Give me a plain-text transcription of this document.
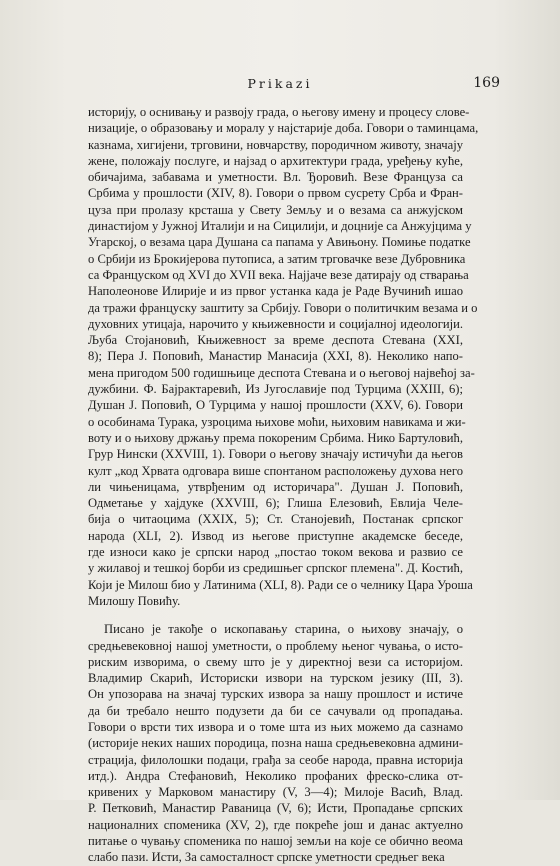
Prikazi	169
историју, о оснивању и развоју града, о његову имену и процесу слове-
низације, о образовању и моралу у најстарије доба. Говори о таминцама,
казнама, хигијени, трговини, новчарству, породичном животу, значају
жене, положају послуге, и најзад о архитектури града, уређењу куће,
обичајима, забавама и уметности. Вл. Ђоровић. Везе Француза са
Србима у прошлости (XIV, 8). Говори о првом сусрету Срба и Фран-
цуза при пролазу крсташа у Свету Земљу и о везама са анжујском
династијом у Јужној Италији и на Сицилији, и доцније са Анжујцима у
Угарској, о везама цара Душана са папама у Авињону. Помиње податке
о Србији из Брокијерова путописа, а затим трговачке везе Дубровника
са Француском од XVI до XVII века. Најјаче везе датирају од стварања
Наполеонове Илирије и из првог устанка када је Раде Вучинић ишао
да тражи француску заштиту за Србију. Говори о политичким везама и о
духовних утицаја, нарочито у књижевности и социјалној идеологији.
Љуба Стојановић, Књижевност за време деспота Стевана (XXI,
8); Пера Ј. Поповић, Манастир Манасија (XXI, 8). Неколико напо-
мена пригодом 500 годишњице деспота Стевана и о његовој највећој за-
дужбини. Ф. Бајрактаревић, Из Југославије под Турцима (XXIII, 6);
Душан Ј. Поповић, О Турцима у нашој прошлости (XXV, 6). Говори
о особинама Турака, узроцима њихове моћи, њиховим навикама и жи-
воту и о њихову држању према покореним Србима. Нико Бартуловић,
Грур Нински (XXVIII, 1). Говори о његову значају истичући да његов
култ „код Хрвата одговара више спонтаном расположењу духова него
ли чињеницама, утврђеним од историчара". Душан Ј. Поповић,
Одметање у хајдуке (XXVIII, 6); Глиша Елезовић, Евлија Челе-
бија о читаоцима (XXIX, 5); Ст. Станојевић, Постанак српског
народа (XLI, 2). Извод из његове приступне академске беседе,
где износи како је српски народ „постао током векова и развио се
у жилавој и тешкој борби из средишњег српског племена". Д. Костић,
Који је Милош био у Латинима (XLI, 8). Ради се о челнику Цара Уроша
Милошу Повићу.
Писано је такође о ископавању старина, о њихову значају, о
средњевековној нашој уметности, о проблему њеног чувања, о исто-
риским изворима, о свему што је у директној вези са историјом.
Владимир Скарић, Историски извори на турском језику (III, 3).
Он упозорава на значај турских извора за нашу прошлост и истиче
да би требало нешто подузети да би се сачували од пропадања.
Говори о врсти тих извора и о томе шта из њих можемо да сазнамо
(историје неких наших породица, позна наша средњевековна админи-
страција, филолошки подаци, грађа за сеобе народа, правна историја
итд.). Андра Стефановић, Неколико профаних фреско-слика от-
кривених у Марковом манастиру (V, 3—4); Милоје Васић, Влад.
Р. Петковић, Манастир Раваница (V, 6); Исти, Пропадање српских
националних споменика (XV, 2), где покреће још и данас актуелно
питање о чувању споменика по нашој земљи на које се обично веома
слабо пази. Исти, За самосталност српске уметности средњег века
